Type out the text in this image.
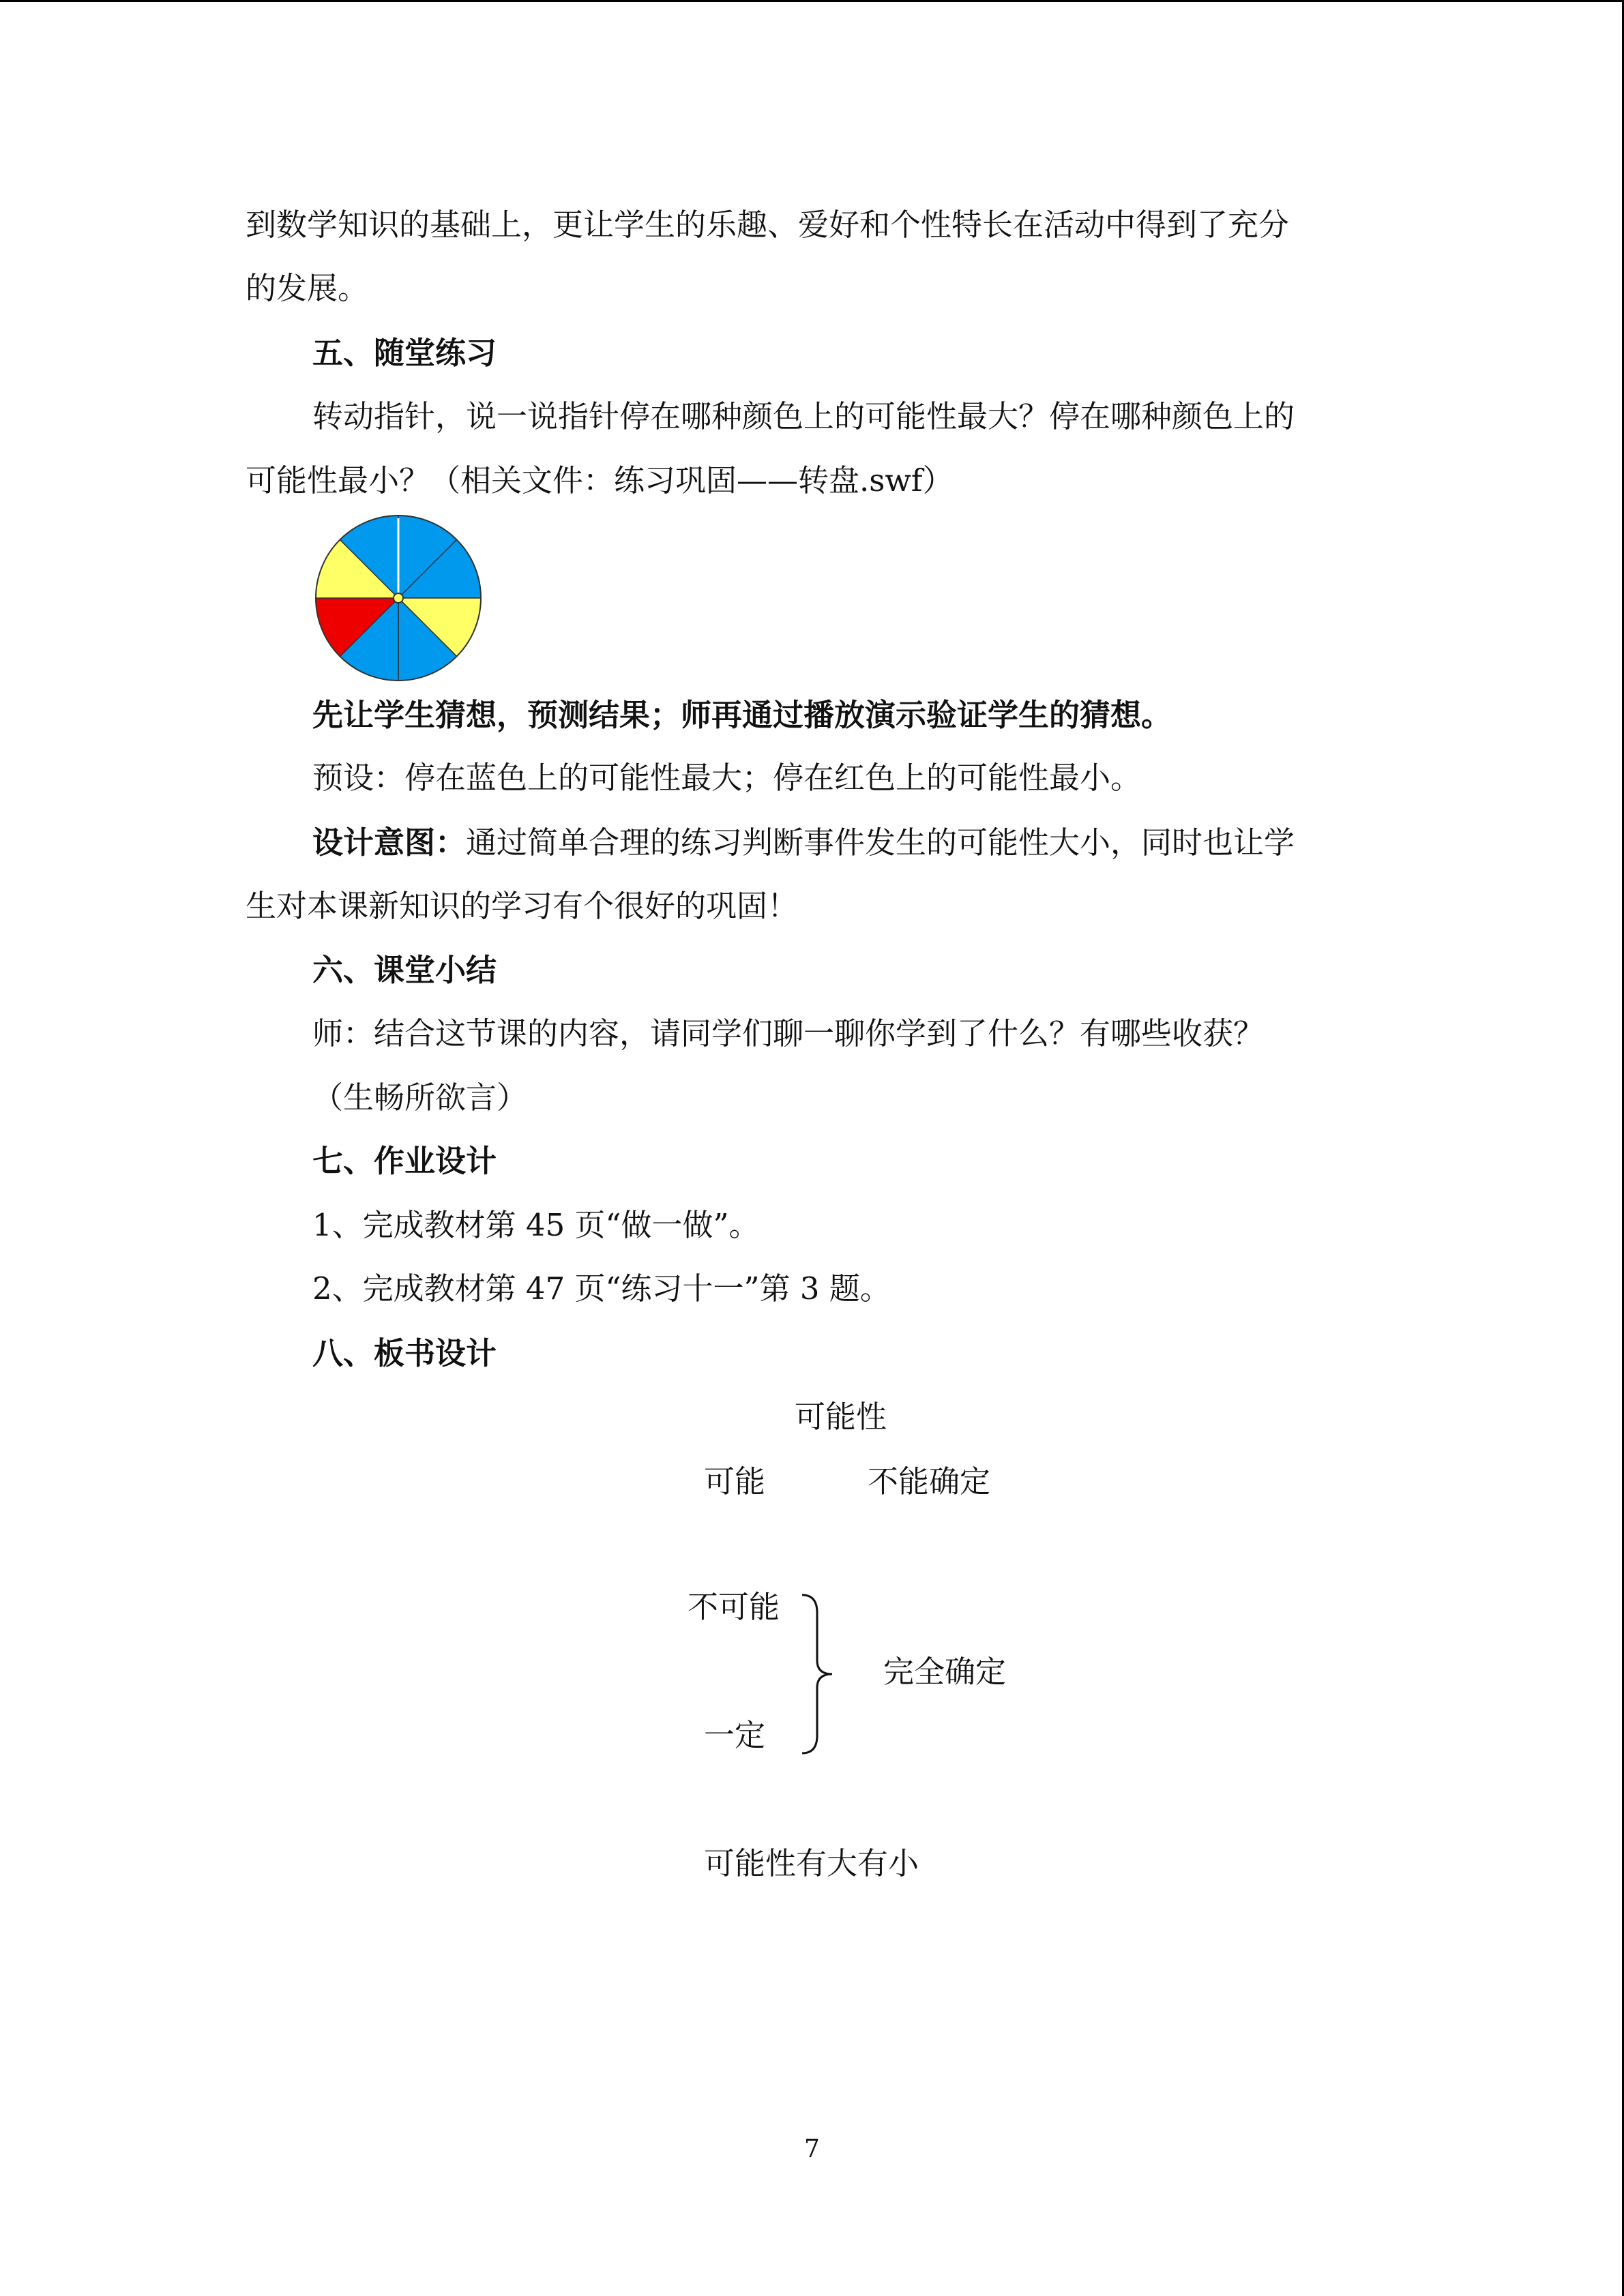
到数学知识的基础上，更让学生的乐趣、爱好和个性特长在活动中得到了充分
的发展。
五、随堂练习
转动指针，说一说指针停在哪种颜色上的可能性最大？停在哪种颜色上的
可能性最小？（相关文件：练习巩固——转盘.swf）
先让学生猜想，预测结果；师再通过播放演示验证学生的猜想。
预设：停在蓝色上的可能性最大；停在红色上的可能性最小。
设计意图：通过简单合理的练习判断事件发生的可能性大小，同时也让学
生对本课新知识的学习有个很好的巩固！
六、课堂小结
师：结合这节课的内容，请同学们聊一聊你学到了什么？有哪些收获？
（生畅所欲言）
七、作业设计
1、完成教材第 45 页“做一做”。
2、完成教材第 47 页“练习十一”第 3 题。
八、板书设计
可能性
可能	不能确定
不可能
一定
完全确定
可能性有大有小
7
